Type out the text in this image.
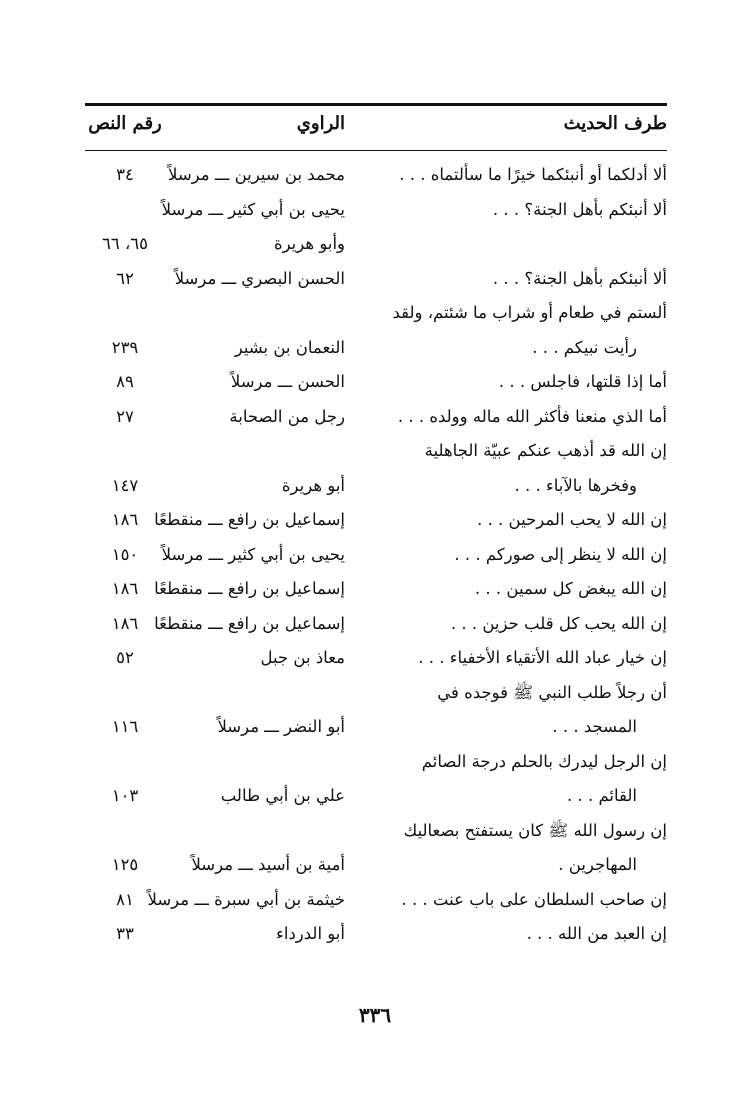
طرف الحديث
الراوي
رقم النص
ألا أدلكما أو أنبئكما خيرًا ما سألتماه . . .
محمد بن سيرين ـــ مرسلاً
٣٤
ألا أنبئكم بأهل الجنة؟ . . .
يحيى بن أبي كثير ـــ مرسلاً
وأبو هريرة
٦٥، ٦٦
ألا أنبئكم بأهل الجنة؟ . . .
الحسن البصري ـــ مرسلاً
٦٢
ألستم في طعام أو شراب ما شئتم، ولقد
رأيت نبيكم . . .
النعمان بن بشير
٢٣٩
أما إذا قلتها، فاجلس . . .
الحسن ـــ مرسلاً
٨٩
أما الذي منعنا فأكثر الله ماله وولده . . .
رجل من الصحابة
٢٧
إن الله قد أذهب عنكم عبيّة الجاهلية
وفخرها بالآباء . . .
أبو هريرة
١٤٧
إن الله لا يحب المرحين . . .
إسماعيل بن رافع ـــ منقطعًا
١٨٦
إن الله لا ينظر إلى صوركم . . .
يحيى بن أبي كثير ـــ مرسلاً
١٥٠
إن الله يبغض كل سمين . . .
إسماعيل بن رافع ـــ منقطعًا
١٨٦
إن الله يحب كل قلب حزين . . .
إسماعيل بن رافع ـــ منقطعًا
١٨٦
إن خيار عباد الله الأتقياء الأخفياء . . .
معاذ بن جبل
٥٢
أن رجلاً طلب النبي ﷺ فوجده في
المسجد . . .
أبو النضر ـــ مرسلاً
١١٦
إن الرجل ليدرك بالحلم درجة الصائم
القائم . . .
علي بن أبي طالب
١٠٣
إن رسول الله ﷺ كان يستفتح بصعاليك
المهاجرين .
أمية بن أسيد ـــ مرسلاً
١٢٥
إن صاحب السلطان على باب عنت . . .
خيثمة بن أبي سبرة ـــ مرسلاً
٨١
إن العبد من الله . . .
أبو الدرداء
٣٣
٣٣٦
